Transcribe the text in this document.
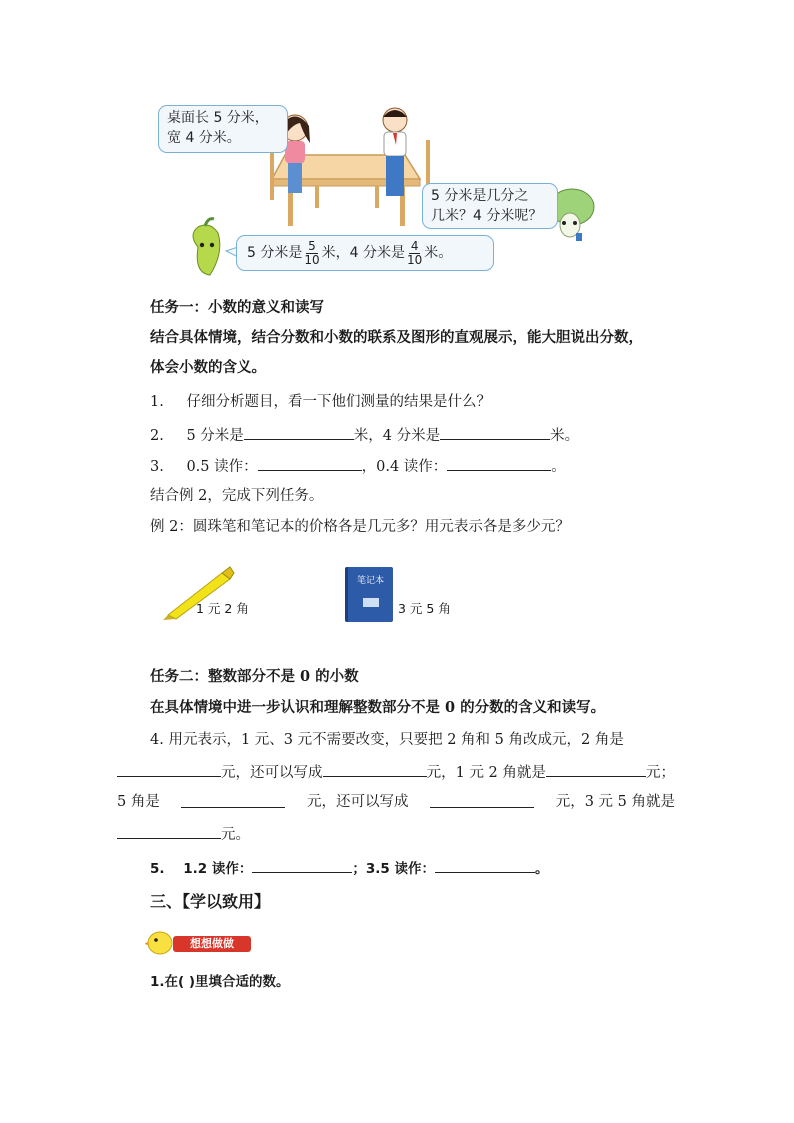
桌面长 5 分米，
宽 4 分米。
5 分米是几分之
几米？4 分米呢？
5 分米是 $\frac{5}{10}$ 米，4 分米是 $\frac{4}{10}$ 米。
任务一：小数的意义和读写
结合具体情境，结合分数和小数的联系及图形的直观展示，能大胆说出分数，
体会小数的含义。
1. 仔细分析题目，看一下他们测量的结果是什么？
2. 5 分米是	米，4 分米是	米。
3. 0.5 读作：	，0.4 读作：	。
结合例 2，完成下列任务。
例 2：圆珠笔和笔记本的价格各是几元多？用元表示各是多少元？
1 元 2 角
笔记本
3 元 5 角
任务二：整数部分不是 0 的小数
在具体情境中进一步认识和理解整数部分不是 0 的分数的含义和读写。
4. 用元表示，1 元、3 元不需要改变，只要把 2 角和 5 角改成元，2 角是
元，还可以写成	元，1 元 2 角就是	元；
5 角是	元，还可以写成	元，3 元 5 角就是
元。
5. 1.2 读作：	；3.5 读作：	。
三、【学以致用】
想想做做
1.在( )里填合适的数。
